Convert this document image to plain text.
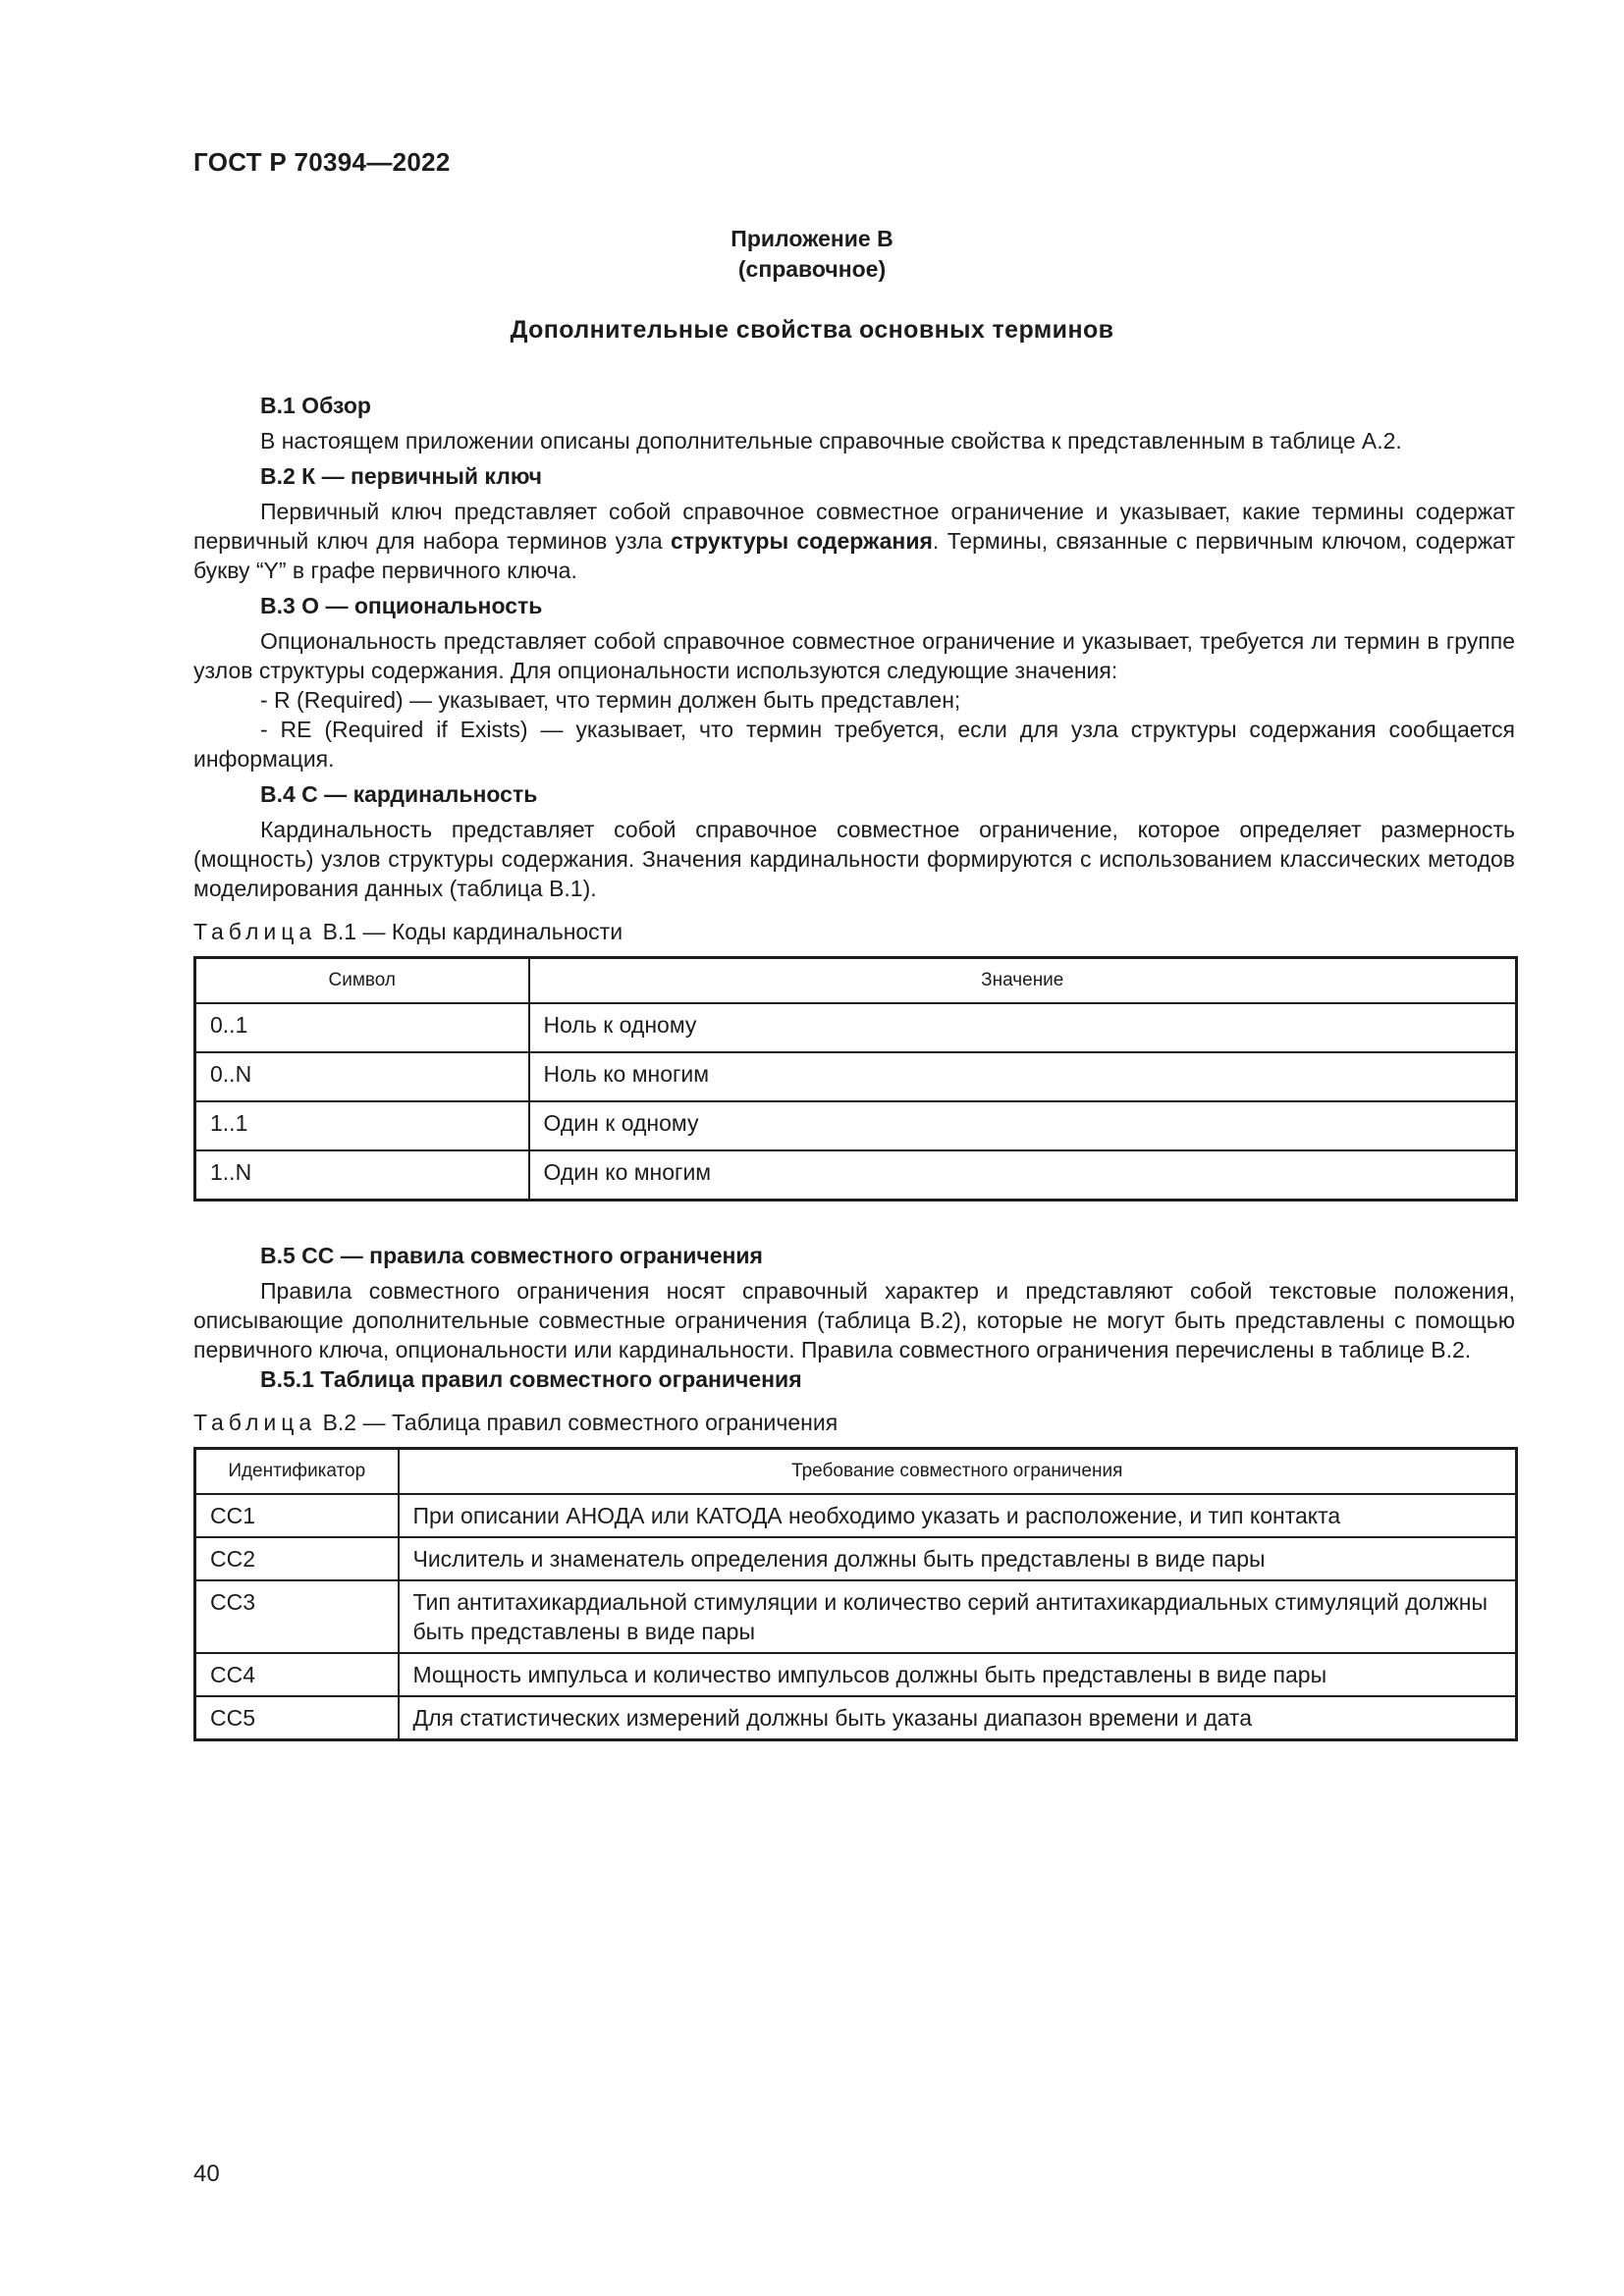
ГОСТ Р 70394—2022
Приложение В
(справочное)
Дополнительные свойства основных терминов
В.1 Обзор
В настоящем приложении описаны дополнительные справочные свойства к представленным в таблице А.2.
В.2 К — первичный ключ
Первичный ключ представляет собой справочное совместное ограничение и указывает, какие термины содержат первичный ключ для набора терминов узла структуры содержания. Термины, связанные с первичным ключом, содержат букву “Y” в графе первичного ключа.
В.3 О — опциональность
Опциональность представляет собой справочное совместное ограничение и указывает, требуется ли термин в группе узлов структуры содержания. Для опциональности используются следующие значения:
- R (Required) — указывает, что термин должен быть представлен;
- RE (Required if Exists) — указывает, что термин требуется, если для узла структуры содержания сообщается информация.
В.4 С — кардинальность
Кардинальность представляет собой справочное совместное ограничение, которое определяет размерность (мощность) узлов структуры содержания. Значения кардинальности формируются с использованием классических методов моделирования данных (таблица В.1).
Таблица В.1 — Коды кардинальности
Символ	Значение
0..1	Ноль к одному
0..N	Ноль ко многим
1..1	Один к одному
1..N	Один ко многим
В.5 СС — правила совместного ограничения
Правила совместного ограничения носят справочный характер и представляют собой текстовые положения, описывающие дополнительные совместные ограничения (таблица В.2), которые не могут быть представлены с помощью первичного ключа, опциональности или кардинальности. Правила совместного ограничения перечислены в таблице В.2.
В.5.1 Таблица правил совместного ограничения
Таблица В.2 — Таблица правил совместного ограничения
Идентификатор	Требование совместного ограничения
CC1	При описании АНОДА или КАТОДА необходимо указать и расположение, и тип контакта
CC2	Числитель и знаменатель определения должны быть представлены в виде пары
CC3	Тип антитахикардиальной стимуляции и количество серий антитахикардиальных стимуляций должны быть представлены в виде пары
CC4	Мощность импульса и количество импульсов должны быть представлены в виде пары
CC5	Для статистических измерений должны быть указаны диапазон времени и дата
40
